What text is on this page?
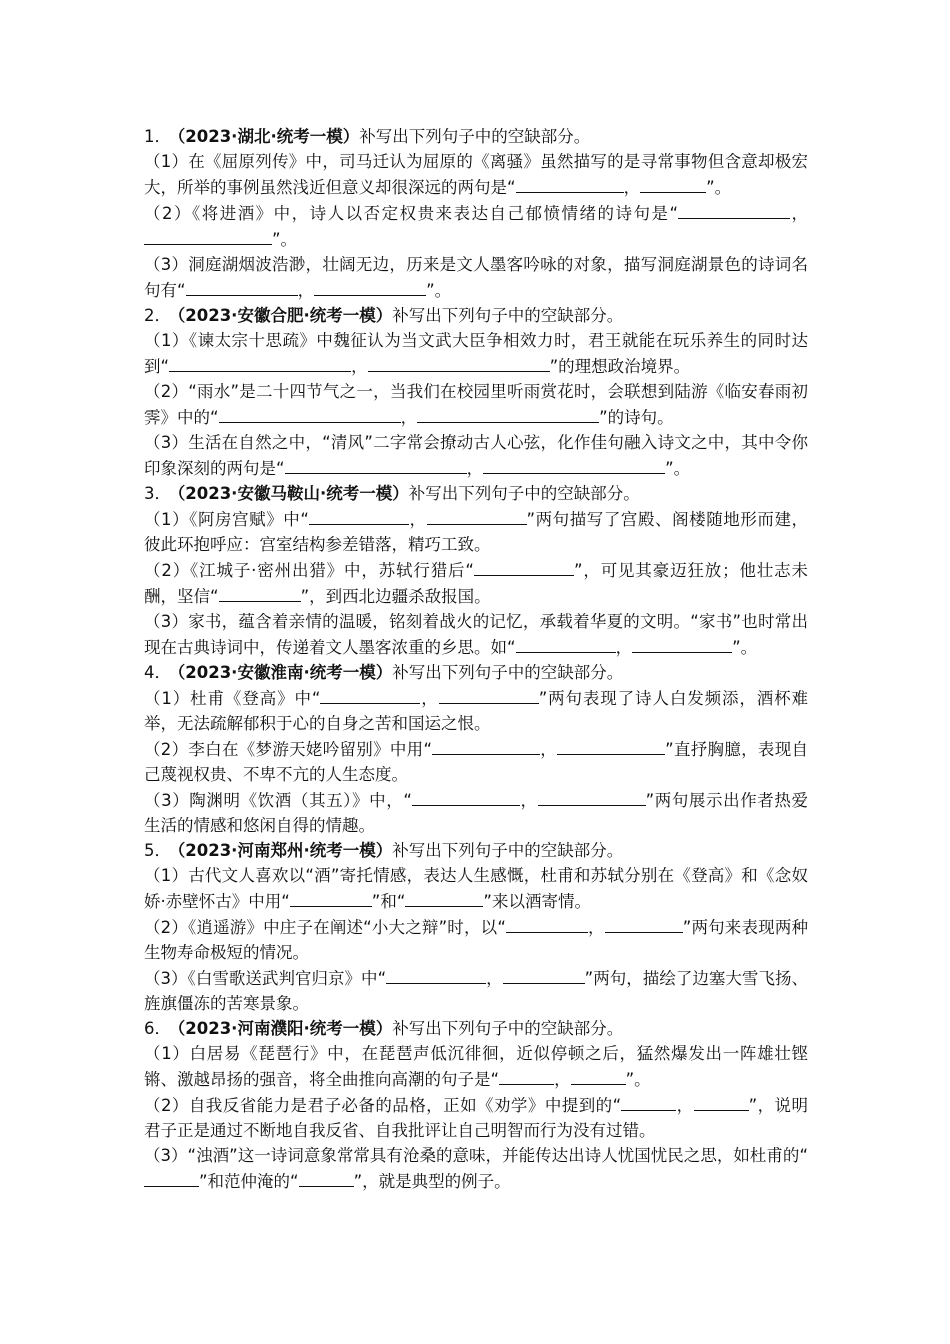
1． （2023·湖北·统考一模）补写出下列句子中的空缺部分。

（1）在《屈原列传》中，司马迁认为屈原的《离骚》虽然描写的是寻常事物但含意却极宏大，所举的事例虽然浅近但意义却很深远的两句是“	，	”。

（2）《将进酒》中，诗人以否定权贵来表达自己郁愤情绪的诗句是“	，”。

（3）洞庭湖烟波浩渺，壮阔无边，历来是文人墨客吟咏的对象，描写洞庭湖景色的诗词名句有“	，	”。

2． （2023·安徽合肥·统考一模）补写出下列句子中的空缺部分。

（1）《谏太宗十思疏》中魏征认为当文武大臣争相效力时，君王就能在玩乐养生的同时达到“	，	”的理想政治境界。

（2）“雨水”是二十四节气之一，当我们在校园里听雨赏花时，会联想到陆游《临安春雨初霁》中的“	，	”的诗句。

（3）生活在自然之中，“清风”二字常会撩动古人心弦，化作佳句融入诗文之中，其中令你印象深刻的两句是“	，	”。

3． （2023·安徽马鞍山·统考一模）补写出下列句子中的空缺部分。

（1）《阿房宫赋》中“	，	”两句描写了宫殿、阁楼随地形而建，彼此环抱呼应：宫室结构参差错落，精巧工致。

（2）《江城子·密州出猎》中，苏轼行猎后“	”，可见其豪迈狂放；他壮志未酬，坚信“	”，到西北边疆杀敌报国。

（3）家书，蕴含着亲情的温暖，铭刻着战火的记忆，承载着华夏的文明。“家书”也时常出现在古典诗词中，传递着文人墨客浓重的乡思。如“	，	”。

4． （2023·安徽淮南·统考一模）补写出下列句子中的空缺部分。

（1）杜甫《登高》中“	，	”两句表现了诗人白发频添，酒杯难举，无法疏解郁积于心的自身之苦和国运之恨。

（2）李白在《梦游天姥吟留别》中用“	，	”直抒胸臆，表现自己蔑视权贵、不卑不亢的人生态度。

（3）陶渊明《饮酒（其五）》中，“	，	”两句展示出作者热爱生活的情感和悠闲自得的情趣。

5． （2023·河南郑州·统考一模）补写出下列句子中的空缺部分。

（1）古代文人喜欢以“酒”寄托情感，表达人生感慨，杜甫和苏轼分别在《登高》和《念奴娇·赤壁怀古》中用“	”和“	”来以酒寄情。

（2）《逍遥游》中庄子在阐述“小大之辩”时，以“	，	”两句来表现两种生物寿命极短的情况。

（3）《白雪歌送武判官归京》中“	，	”两句，描绘了边塞大雪飞扬、旌旗僵冻的苦寒景象。

6． （2023·河南濮阳·统考一模）补写出下列句子中的空缺部分。

（1）白居易《琵琶行》中，在琵琶声低沉徘徊，近似停顿之后，猛然爆发出一阵雄壮铿锵、激越昂扬的强音，将全曲推向高潮的句子是“	，	”。

（2）自我反省能力是君子必备的品格，正如《劝学》中提到的“	，	”，说明君子正是通过不断地自我反省、自我批评让自己明智而行为没有过错。

（3）“浊酒”这一诗词意象常常具有沧桑的意味，并能传达出诗人忧国忧民之思，如杜甫的“”和范仲淹的“	”，就是典型的例子。
